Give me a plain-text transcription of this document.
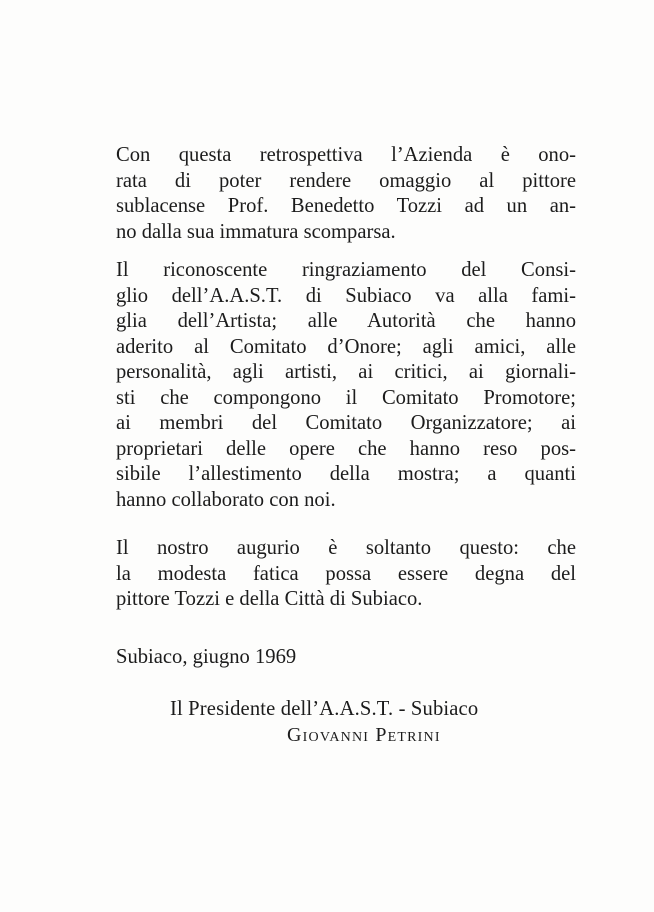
Con questa retrospettiva l’Azienda è ono-
rata di poter rendere omaggio al pittore
sublacense Prof. Benedetto Tozzi ad un an-
no dalla sua immatura scomparsa.
Il riconoscente ringraziamento del Consi-
glio dell’A.A.S.T. di Subiaco va alla fami-
glia dell’Artista; alle Autorità che hanno
aderito al Comitato d’Onore; agli amici, alle
personalità, agli artisti, ai critici, ai giornali-
sti che compongono il Comitato Promotore;
ai membri del Comitato Organizzatore; ai
proprietari delle opere che hanno reso pos-
sibile l’allestimento della mostra; a quanti
hanno collaborato con noi.
Il nostro augurio è soltanto questo: che
la modesta fatica possa essere degna del
pittore Tozzi e della Città di Subiaco.
Subiaco, giugno 1969
Il Presidente dell’A.A.S.T. - Subiaco
Giovanni Petrini
